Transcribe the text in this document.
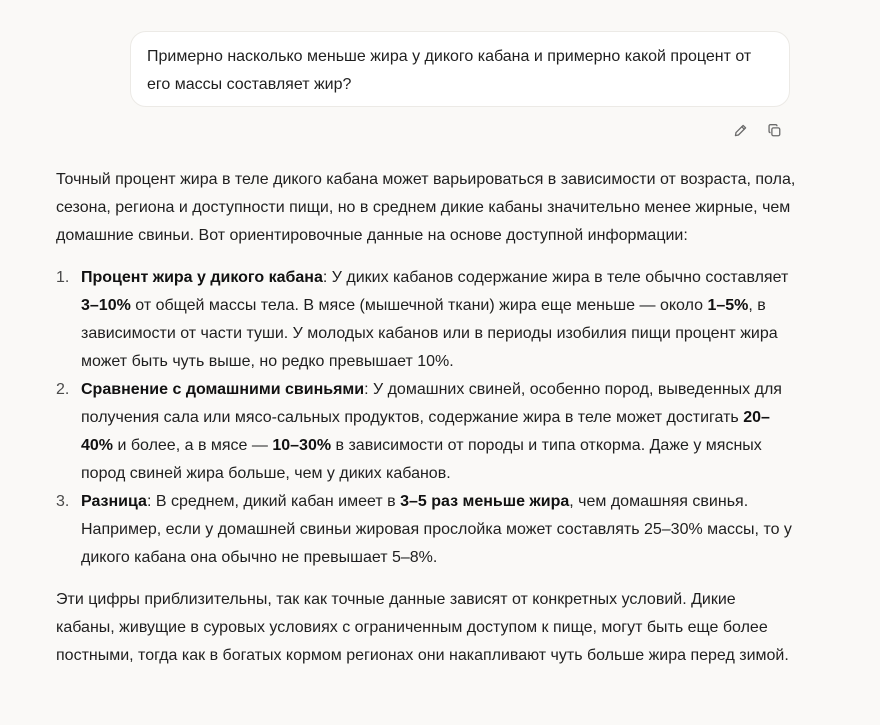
Примерно насколько меньше жира у дикого кабана и примерно какой процент от его массы составляет жир?

Точный процент жира в теле дикого кабана может варьироваться в зависимости от возраста, пола, сезона, региона и доступности пищи, но в среднем дикие кабаны значительно менее жирные, чем домашние свиньи. Вот ориентировочные данные на основе доступной информации:

1. Процент жира у дикого кабана: У диких кабанов содержание жира в теле обычно составляет 3–10% от общей массы тела. В мясе (мышечной ткани) жира еще меньше — около 1–5%, в зависимости от части туши. У молодых кабанов или в периоды изобилия пищи процент жира может быть чуть выше, но редко превышает 10%.
2. Сравнение с домашними свиньями: У домашних свиней, особенно пород, выведенных для получения сала или мясо-сальных продуктов, содержание жира в теле может достигать 20–40% и более, а в мясе — 10–30% в зависимости от породы и типа откорма. Даже у мясных пород свиней жира больше, чем у диких кабанов.
3. Разница: В среднем, дикий кабан имеет в 3–5 раз меньше жира, чем домашняя свинья. Например, если у домашней свиньи жировая прослойка может составлять 25–30% массы, то у дикого кабана она обычно не превышает 5–8%.

Эти цифры приблизительны, так как точные данные зависят от конкретных условий. Дикие кабаны, живущие в суровых условиях с ограниченным доступом к пище, могут быть еще более постными, тогда как в богатых кормом регионах они накапливают чуть больше жира перед зимой.
